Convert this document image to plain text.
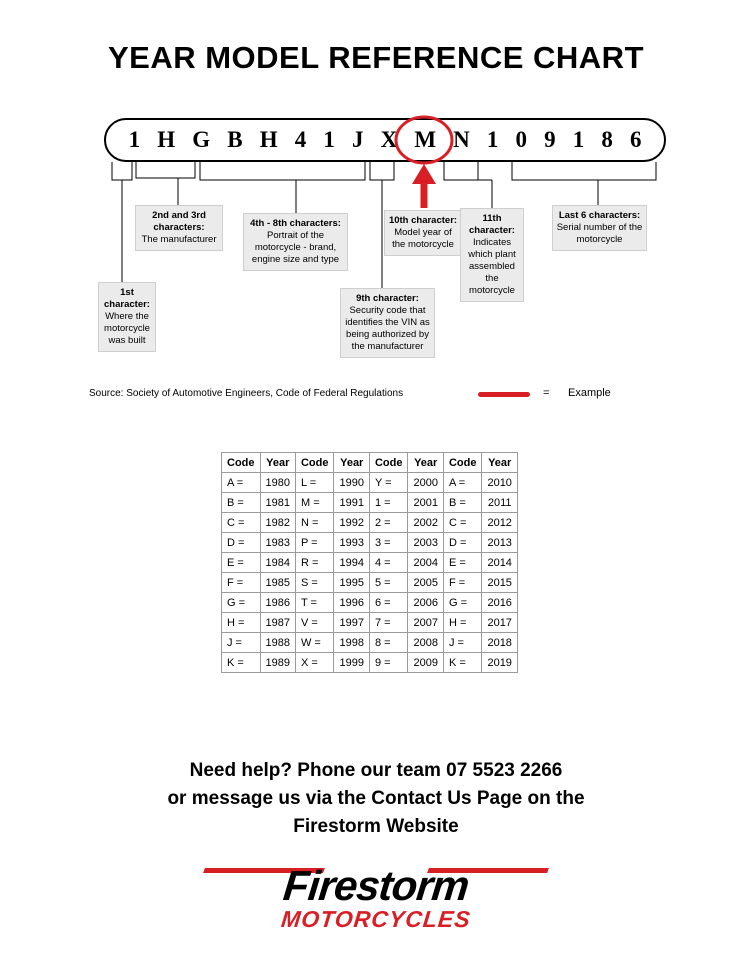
YEAR MODEL REFERENCE CHART
1 H G B H 4 1 J X M N 1 0 9 1 8 6
1st character:
Where the motorcycle was built
2nd and 3rd characters:
The manufacturer
4th - 8th characters:
Portrait of the motorcycle - brand, engine size and type
10th character:
Model year of the motorcycle
11th character:
Indicates which plant assembled the motorcycle
Last 6 characters:
Serial number of the motorcycle
9th character:
Security code that identifies the VIN as being authorized by the manufacturer
Source: Society of Automotive Engineers, Code of Federal Regulations	= Example
Code	Year	Code	Year	Code	Year	Code	Year
A =	1980	L =	1990	Y =	2000	A =	2010
B =	1981	M =	1991	1 =	2001	B =	2011
C =	1982	N =	1992	2 =	2002	C =	2012
D =	1983	P =	1993	3 =	2003	D =	2013
E =	1984	R =	1994	4 =	2004	E =	2014
F =	1985	S =	1995	5 =	2005	F =	2015
G =	1986	T =	1996	6 =	2006	G =	2016
H =	1987	V =	1997	7 =	2007	H =	2017
J =	1988	W =	1998	8 =	2008	J =	2018
K =	1989	X =	1999	9 =	2009	K =	2019
Need help? Phone our team 07 5523 2266
or message us via the Contact Us Page on the
Firestorm Website
Firestorm
MOTORCYCLES
